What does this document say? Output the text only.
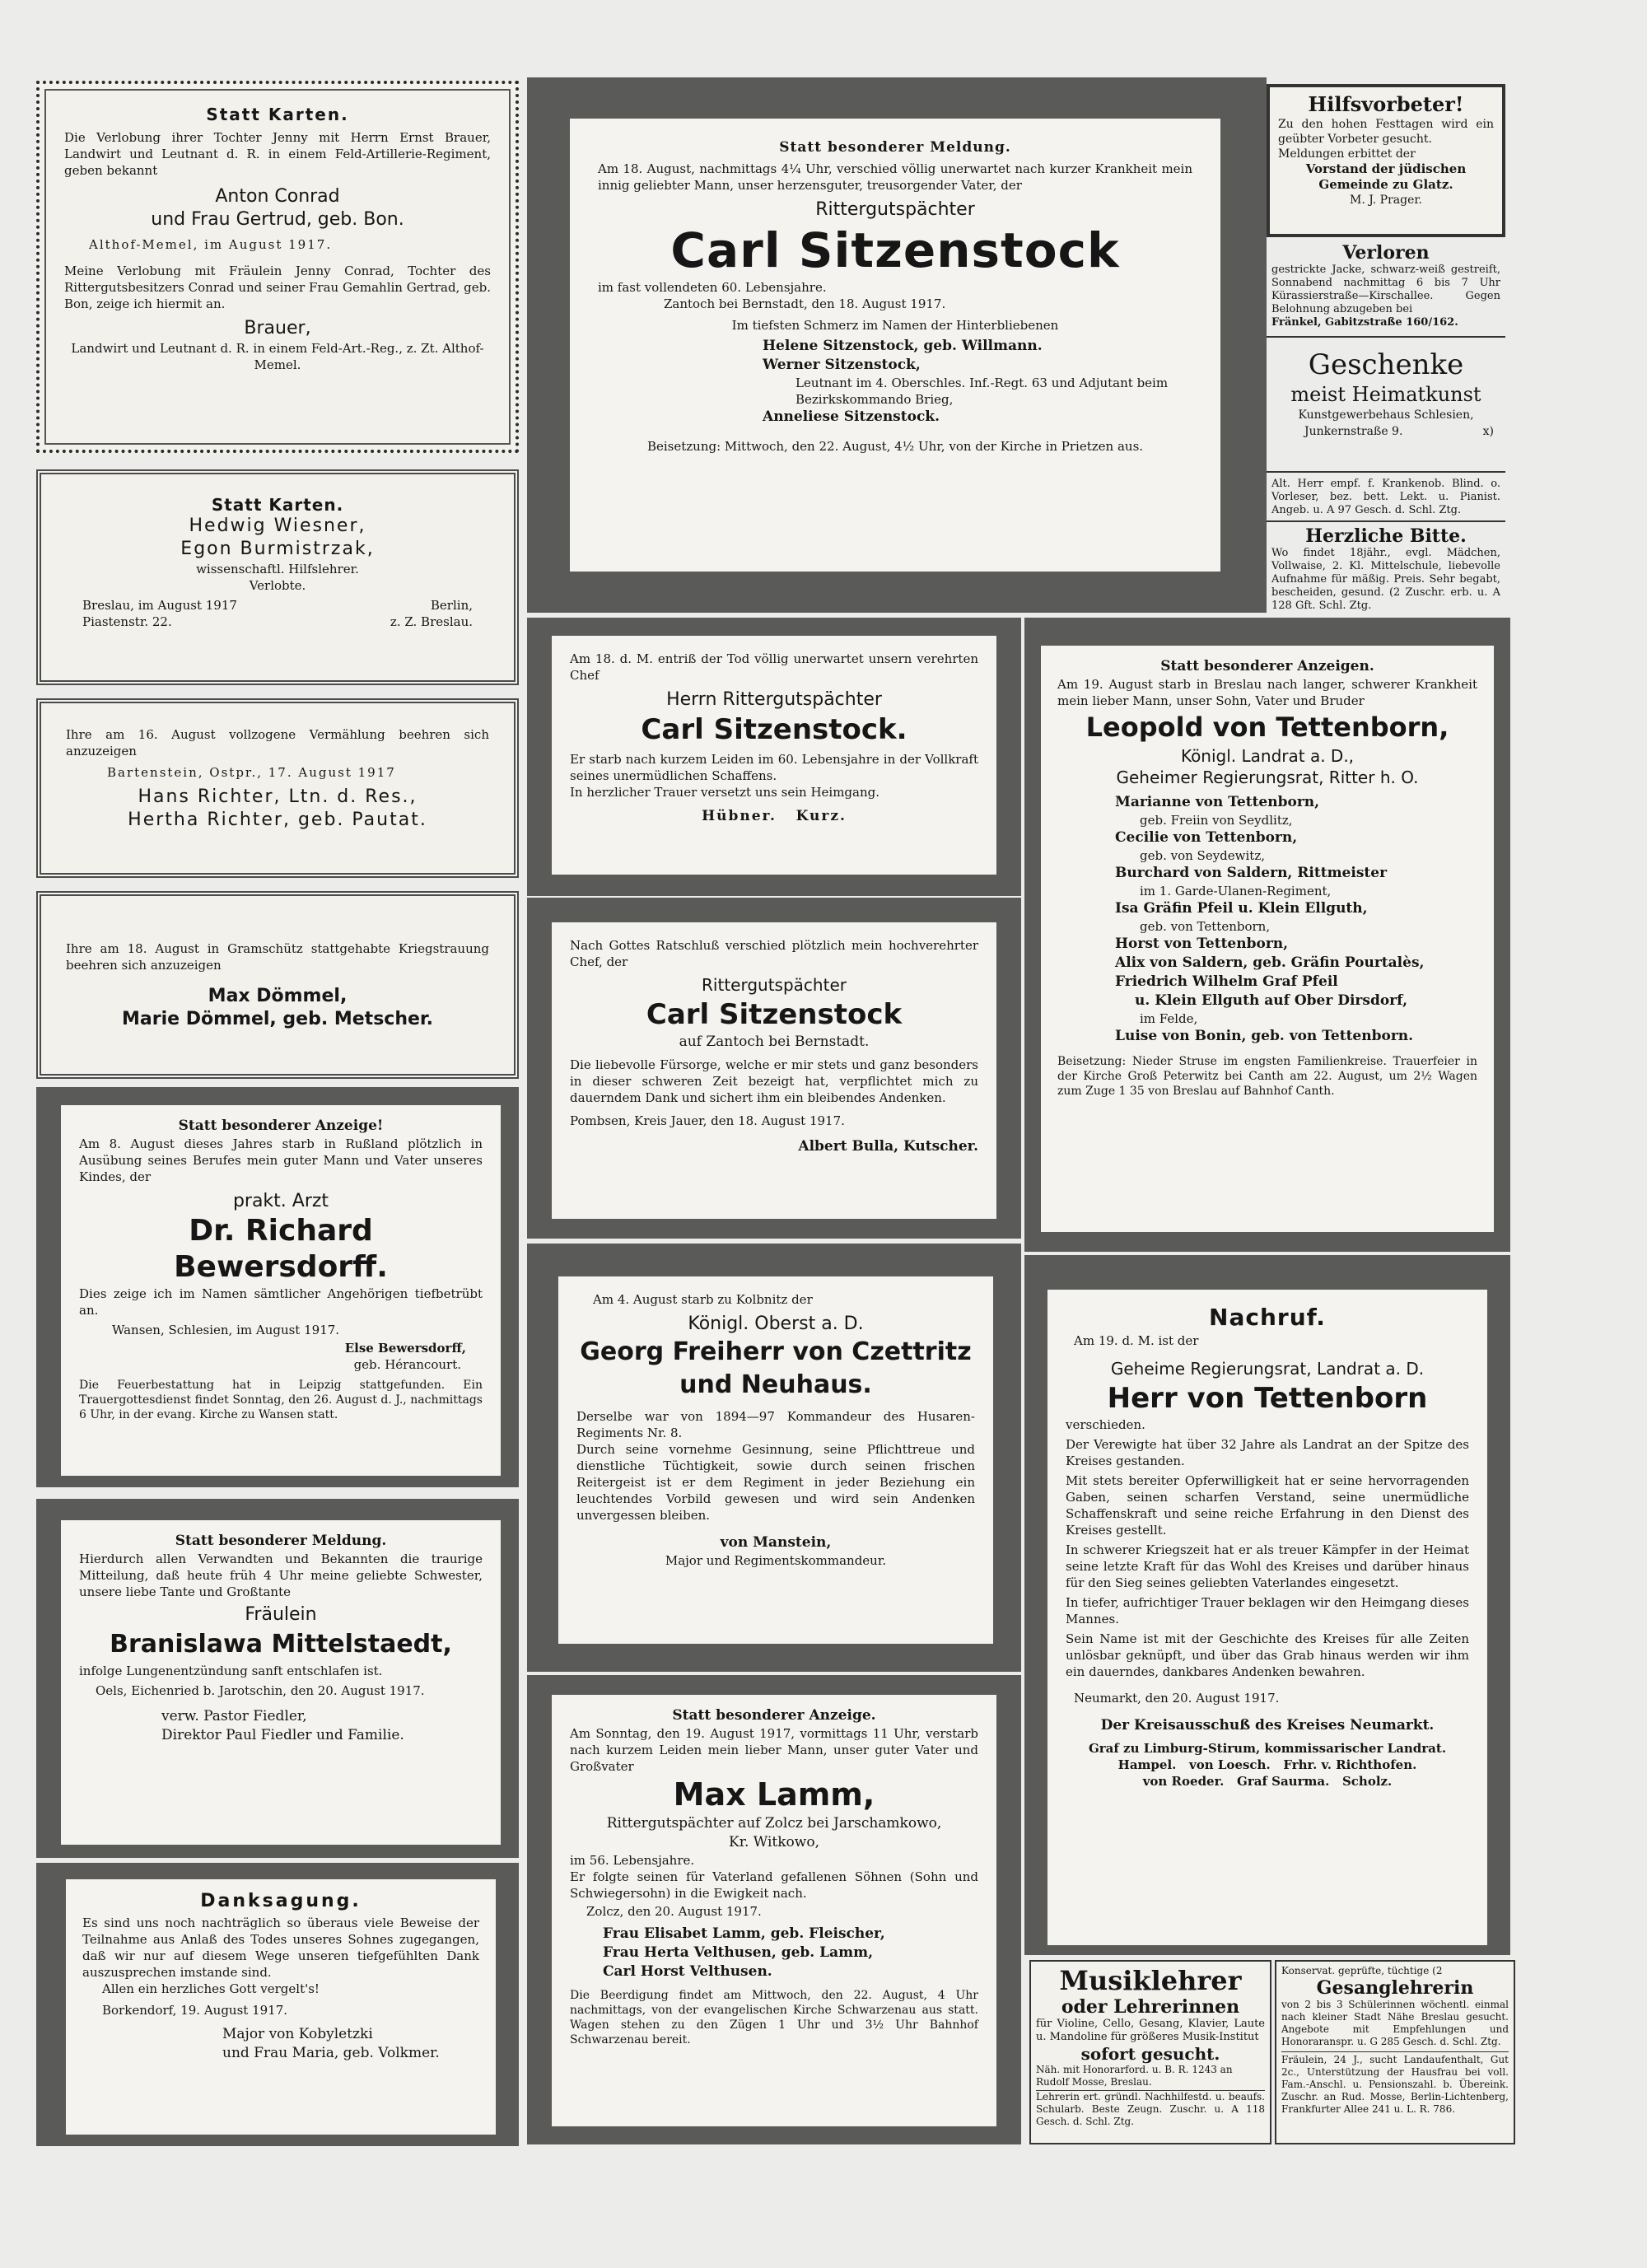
Statt Karten.

Die Verlobung ihrer Tochter Jenny mit Herrn Ernst Brauer, Landwirt und Leutnant d. R. in einem Feld-Artillerie-Regiment, geben bekannt

Anton Conrad

und Frau Gertrud, geb. Bon.

Althof-Memel, im August 1917.

Meine Verlobung mit Fräulein Jenny Conrad, Tochter des Rittergutsbesitzers Conrad und seiner Frau Gemahlin Gertrad, geb. Bon, zeige ich hiermit an.

Brauer,

Landwirt und Leutnant d. R. in einem Feld-Art.-Reg., z. Zt. Althof-Memel.

Statt Karten.

Hedwig Wiesner,

Egon Burmistrzak,

wissenschaftl. Hilfslehrer.

Verlobte.

Breslau, im August 1917

Piastenstr. 22.

Berlin,

z. Z. Breslau.

Ihre am 16. August vollzogene Vermählung beehren sich anzuzeigen

Bartenstein, Ostpr., 17. August 1917

Hans Richter, Ltn. d. Res.,

Hertha Richter, geb. Pautat.

Ihre am 18. August in Gramschütz stattgehabte Kriegstrauung beehren sich anzuzeigen

Max Dömmel,

Marie Dömmel, geb. Metscher.

Statt besonderer Anzeige!

Am 8. August dieses Jahres starb in Rußland plötzlich in Ausübung seines Berufes mein guter Mann und Vater unseres Kindes, der

prakt. Arzt

Dr. Richard Bewersdorff.

Dies zeige ich im Namen sämtlicher Angehörigen tiefbetrübt an.

Wansen, Schlesien, im August 1917.

Else Bewersdorff,

geb. Hérancourt.

Die Feuerbestattung hat in Leipzig stattgefunden. Ein Trauergottesdienst findet Sonntag, den 26. August d. J., nachmittags 6 Uhr, in der evang. Kirche zu Wansen statt.

Statt besonderer Meldung.

Hierdurch allen Verwandten und Bekannten die traurige Mitteilung, daß heute früh 4 Uhr meine geliebte Schwester, unsere liebe Tante und Großtante

Fräulein

Branislawa Mittelstaedt,

infolge Lungenentzündung sanft entschlafen ist.

Oels, Eichenried b. Jarotschin, den 20. August 1917.

verw. Pastor Fiedler,

Direktor Paul Fiedler und Familie.

Danksagung.

Es sind uns noch nachträglich so überaus viele Beweise der Teilnahme aus Anlaß des Todes unseres Sohnes zugegangen, daß wir nur auf diesem Wege unseren tiefgefühlten Dank auszusprechen imstande sind.

Allen ein herzliches Gott vergelt's!

Borkendorf, 19. August 1917.

Major von Kobyletzki

und Frau Maria, geb. Volkmer.

Statt besonderer Meldung.

Am 18. August, nachmittags 4¼ Uhr, verschied völlig unerwartet nach kurzer Krankheit mein innig geliebter Mann, unser herzensguter, treusorgender Vater, der

Rittergutspächter

Carl Sitzenstock

im fast vollendeten 60. Lebensjahre.

Zantoch bei Bernstadt, den 18. August 1917.

Im tiefsten Schmerz im Namen der Hinterbliebenen

Helene Sitzenstock, geb. Willmann.

Werner Sitzenstock,

Leutnant im 4. Oberschles. Inf.-Regt. 63 und Adjutant beim Bezirkskommando Brieg,

Anneliese Sitzenstock.

Beisetzung: Mittwoch, den 22. August, 4½ Uhr, von der Kirche in Prietzen aus.

Am 18. d. M. entriß der Tod völlig unerwartet unsern verehrten Chef

Herrn Rittergutspächter

Carl Sitzenstock.

Er starb nach kurzem Leiden im 60. Lebensjahre in der Vollkraft seines unermüdlichen Schaffens.

In herzlicher Trauer versetzt uns sein Heimgang.

Hübner.   Kurz.

Nach Gottes Ratschluß verschied plötzlich mein hochverehrter Chef, der

Rittergutspächter

Carl Sitzenstock

auf Zantoch bei Bernstadt.

Die liebevolle Fürsorge, welche er mir stets und ganz besonders in dieser schweren Zeit bezeigt hat, verpflichtet mich zu dauerndem Dank und sichert ihm ein bleibendes Andenken.

Pombsen, Kreis Jauer, den 18. August 1917.

Albert Bulla, Kutscher.

Am 4. August starb zu Kolbnitz der

Königl. Oberst a. D.

Georg Freiherr von Czettritz

und Neuhaus.

Derselbe war von 1894—97 Kommandeur des Husaren-Regiments Nr. 8.

Durch seine vornehme Gesinnung, seine Pflichttreue und dienstliche Tüchtigkeit, sowie durch seinen frischen Reitergeist ist er dem Regiment in jeder Beziehung ein leuchtendes Vorbild gewesen und wird sein Andenken unvergessen bleiben.

von Manstein,

Major und Regimentskommandeur.

Statt besonderer Anzeige.

Am Sonntag, den 19. August 1917, vormittags 11 Uhr, verstarb nach kurzem Leiden mein lieber Mann, unser guter Vater und Großvater

Max Lamm,

Rittergutspächter auf Zolcz bei Jarschamkowo,

Kr. Witkowo,

im 56. Lebensjahre.

Er folgte seinen für Vaterland gefallenen Söhnen (Sohn und Schwiegersohn) in die Ewigkeit nach.

Zolcz, den 20. August 1917.

Frau Elisabet Lamm, geb. Fleischer,

Frau Herta Velthusen, geb. Lamm,

Carl Horst Velthusen.

Die Beerdigung findet am Mittwoch, den 22. August, 4 Uhr nachmittags, von der evangelischen Kirche Schwarzenau aus statt. Wagen stehen zu den Zügen 1 Uhr und 3½ Uhr Bahnhof Schwarzenau bereit.

Hilfsvorbeter!

Zu den hohen Festtagen wird ein geübter Vorbeter gesucht.

Meldungen erbittet der

Vorstand der jüdischen Gemeinde zu Glatz.

M. J. Prager.

Verloren

gestrickte Jacke, schwarz-weiß gestreift, Sonnabend nachmittag 6 bis 7 Uhr Kürassierstraße—Kirschallee. Gegen Belohnung abzugeben bei

Fränkel, Gabitzstraße 160/162.

Geschenke

meist Heimatkunst

Kunstgewerbehaus Schlesien,

Junkernstraße 9.	x)

Alt. Herr empf. f. Krankenob. Blind. o. Vorleser, bez. bett. Lekt. u. Pianist. Angeb. u. A 97 Gesch. d. Schl. Ztg.

Herzliche Bitte.

Wo findet 18jähr., evgl. Mädchen, Vollwaise, 2. Kl. Mittelschule, liebevolle Aufnahme für mäßig. Preis. Sehr begabt, bescheiden, gesund. (2 Zuschr. erb. u. A 128 Gft. Schl. Ztg.

Statt besonderer Anzeigen.

Am 19. August starb in Breslau nach langer, schwerer Krankheit mein lieber Mann, unser Sohn, Vater und Bruder

Leopold von Tettenborn,

Königl. Landrat a. D.,

Geheimer Regierungsrat, Ritter h. O.

Marianne von Tettenborn,

geb. Freiin von Seydlitz,

Cecilie von Tettenborn,

geb. von Seydewitz,

Burchard von Saldern, Rittmeister

im 1. Garde-Ulanen-Regiment,

Isa Gräfin Pfeil u. Klein Ellguth,

geb. von Tettenborn,

Horst von Tettenborn,

Alix von Saldern, geb. Gräfin Pourtalès,

Friedrich Wilhelm Graf Pfeil

u. Klein Ellguth auf Ober Dirsdorf,

im Felde,

Luise von Bonin, geb. von Tettenborn.

Beisetzung: Nieder Struse im engsten Familienkreise. Trauerfeier in der Kirche Groß Peterwitz bei Canth am 22. August, um 2½ Wagen zum Zuge 1 35 von Breslau auf Bahnhof Canth.

Nachruf.

Am 19. d. M. ist der

Geheime Regierungsrat, Landrat a. D.

Herr von Tettenborn

verschieden.

Der Verewigte hat über 32 Jahre als Landrat an der Spitze des Kreises gestanden.

Mit stets bereiter Opferwilligkeit hat er seine hervorragenden Gaben, seinen scharfen Verstand, seine unermüdliche Schaffenskraft und seine reiche Erfahrung in den Dienst des Kreises gestellt.

In schwerer Kriegszeit hat er als treuer Kämpfer in der Heimat seine letzte Kraft für das Wohl des Kreises und darüber hinaus für den Sieg seines geliebten Vaterlandes eingesetzt.

In tiefer, aufrichtiger Trauer beklagen wir den Heimgang dieses Mannes.

Sein Name ist mit der Geschichte des Kreises für alle Zeiten unlösbar geknüpft, und über das Grab hinaus werden wir ihm ein dauerndes, dankbares Andenken bewahren.

Neumarkt, den 20. August 1917.

Der Kreisausschuß des Kreises Neumarkt.

Graf zu Limburg-Stirum, kommissarischer Landrat.

Hampel.   von Loesch.   Frhr. v. Richthofen.

von Roeder.   Graf Saurma.   Scholz.

Musiklehrer

oder Lehrerinnen

für Violine, Cello, Gesang, Klavier, Laute u. Mandoline für größeres Musik-Institut

sofort gesucht.

Näh. mit Honorarford. u. B. R. 1243 an Rudolf Mosse, Breslau.

Lehrerin ert. gründl. Nachhilfestd. u. beaufs. Schularb. Beste Zeugn. Zuschr. u. A 118 Gesch. d. Schl. Ztg.

Konservat. geprüfte, tüchtige (2

Gesanglehrerin

von 2 bis 3 Schülerinnen wöchentl. einmal nach kleiner Stadt Nähe Breslau gesucht. Angebote mit Empfehlungen und Honoraranspr. u. G 285 Gesch. d. Schl. Ztg.

Fräulein, 24 J., sucht Landaufenthalt, Gut 2c., Unterstützung der Hausfrau bei voll. Fam.-Anschl. u. Pensionszahl. b. Übereink. Zuschr. an Rud. Mosse, Berlin-Lichtenberg, Frankfurter Allee 241 u. L. R. 786.
